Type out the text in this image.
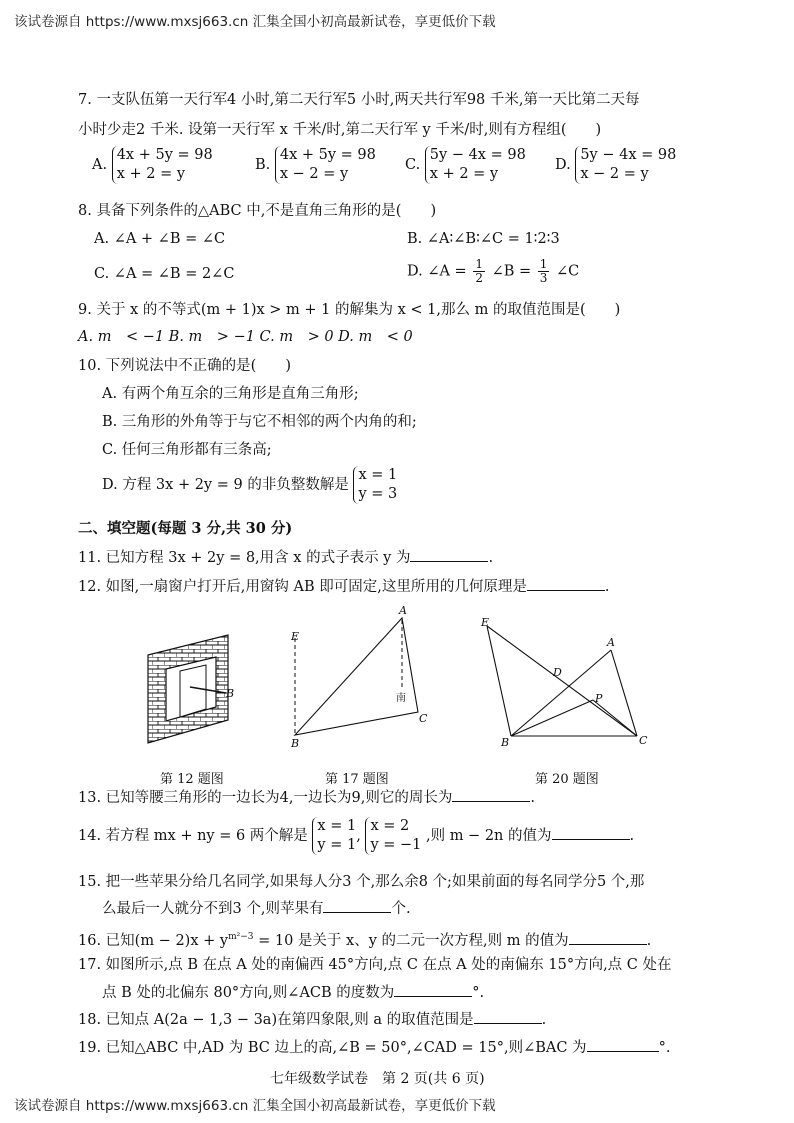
该试卷源自 https://www.mxsj663.cn 汇集全国小初高最新试卷，享更低价下载
7. 一支队伍第一天行军4 小时,第二天行军5 小时,两天共行军98 千米,第一天比第二天每
小时少走2 千米. 设第一天行军 x 千米/时,第二天行军 y 千米/时,则有方程组(　　)
A.
4x + 5y = 98
x + 2 = y
B.
4x + 5y = 98
x − 2 = y
C.
5y − 4x = 98
x + 2 = y
D.
5y − 4x = 98
x − 2 = y
8. 具备下列条件的△ABC 中,不是直角三角形的是(　　)
A. ∠A + ∠B = ∠C	B. ∠A∶∠B∶∠C = 1∶2∶3
C. ∠A = ∠B = 2∠C	D. ∠A = $\frac{1}{2}$ ∠B = $\frac{1}{3}$ ∠C
9. 关于 x 的不等式(m + 1)x > m + 1 的解集为 x < 1,那么 m 的取值范围是(　　)
A. m　< −1 B. m　> −1 C. m　> 0 D. m　< 0
10. 下列说法中不正确的是(　　)
A. 有两个角互余的三角形是直角三角形;
B. 三角形的外角等于与它不相邻的两个内角的和;
C. 任何三角形都有三条高;
D. 方程 3x + 2y = 9 的非负整数解是
x = 1
y = 3
二、填空题(每题 3 分,共 30 分)
11. 已知方程 3x + 2y = 8,用含 x 的式子表示 y 为	.
12. 如图,一扇窗户打开后,用窗钩 AB 即可固定,这里所用的几何原理是	.
B
A
B
C
E
南
E
A
D
P
B	C
第 12 题图	第 17 题图	第 20 题图
13. 已知等腰三角形的一边长为4,一边长为9,则它的周长为	.
14. 若方程 mx + ny = 6 两个解是
x = 1
y = 1
,
x = 2
y = −1
,则 m − 2n 的值为	.
15. 把一些苹果分给几名同学,如果每人分3 个,那么余8 个;如果前面的每名同学分5 个,那
么最后一人就分不到3 个,则苹果有	个.
16. 已知$(m - 2)x + y^{m^2-3} = 10$ 是关于 x、y 的二元一次方程,则 m 的值为	.
17. 如图所示,点 B 在点 A 处的南偏西 45°方向,点 C 在点 A 处的南偏东 15°方向,点 C 处在
点 B 处的北偏东 80°方向,则∠ACB 的度数为	°.
18. 已知点 A(2a − 1,3 − 3a)在第四象限,则 a 的取值范围是	.
19. 已知△ABC 中,AD 为 BC 边上的高,∠B = 50°,∠CAD = 15°,则∠BAC 为	°.
七年级数学试卷　第 2 页(共 6 页)
该试卷源自 https://www.mxsj663.cn 汇集全国小初高最新试卷，享更低价下载
